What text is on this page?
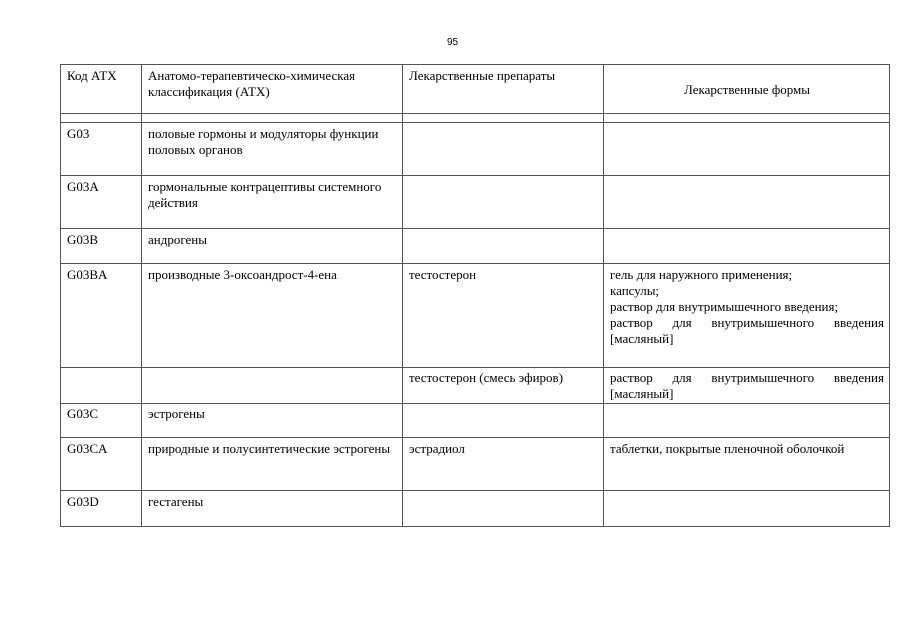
95
Код АТХ	Анатомо-терапевтическо-химическая классификация (АТХ)	Лекарственные препараты	Лекарственные формы

G03	половые гормоны и модуляторы функции половых органов		
G03A	гормональные контрацептивы системного действия		
G03B	андрогены		
G03BA	производные 3-оксоандрост-4-ена	тестостерон	гель для наружного применения;
капсулы;
раствор для внутримышечного введения;
раствор для внутримышечного введения
[масляный]

		тестостерон (смесь эфиров)	раствор для внутримышечного введения
[масляный]

G03C	эстрогены		
G03CA	природные и полусинтетические эстрогены	эстрадиол	таблетки, покрытые пленочной оболочкой

G03D	гестагены		
